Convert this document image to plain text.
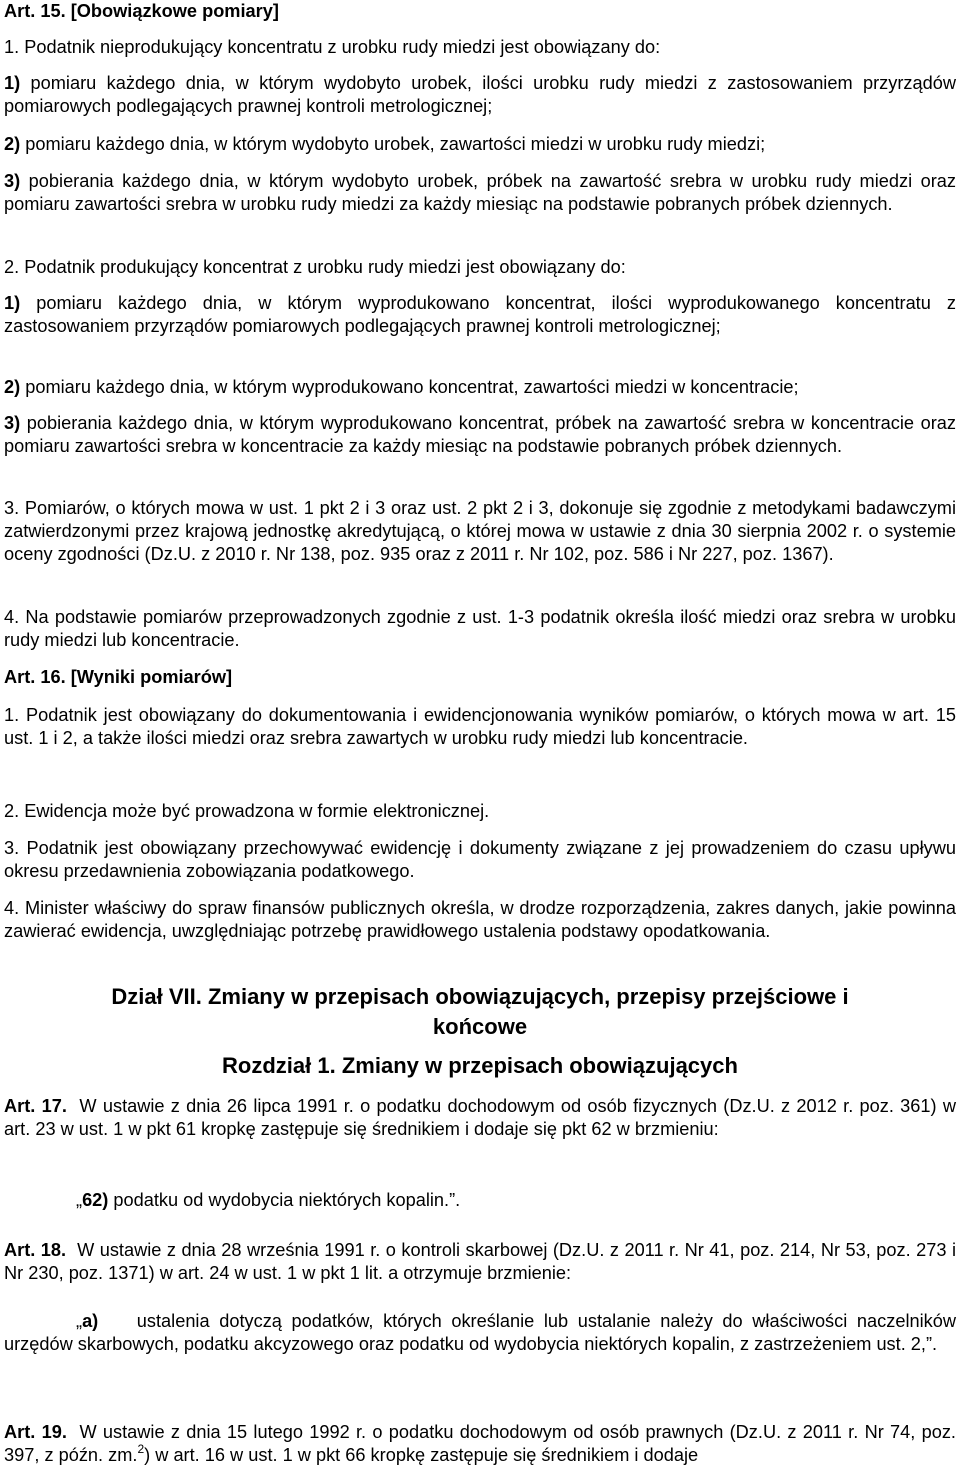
Art. 15. [Obowiązkowe pomiary]

1. Podatnik nieprodukujący koncentratu z urobku rudy miedzi jest obowiązany do:

1) pomiaru każdego dnia, w którym wydobyto urobek, ilości urobku rudy miedzi z zastosowaniem przyrządów pomiarowych podlegających prawnej kontroli metrologicznej;

2) pomiaru każdego dnia, w którym wydobyto urobek, zawartości miedzi w urobku rudy miedzi;

3) pobierania każdego dnia, w którym wydobyto urobek, próbek na zawartość srebra w urobku rudy miedzi oraz pomiaru zawartości srebra w urobku rudy miedzi za każdy miesiąc na podstawie pobranych próbek dziennych.

2. Podatnik produkujący koncentrat z urobku rudy miedzi jest obowiązany do:

1) pomiaru każdego dnia, w którym wyprodukowano koncentrat, ilości wyprodukowanego koncentratu z zastosowaniem przyrządów pomiarowych podlegających prawnej kontroli metrologicznej;

2) pomiaru każdego dnia, w którym wyprodukowano koncentrat, zawartości miedzi w koncentracie;

3) pobierania każdego dnia, w którym wyprodukowano koncentrat, próbek na zawartość srebra w koncentracie oraz pomiaru zawartości srebra w koncentracie za każdy miesiąc na podstawie pobranych próbek dziennych.

3. Pomiarów, o których mowa w ust. 1 pkt 2 i 3 oraz ust. 2 pkt 2 i 3, dokonuje się zgodnie z metodykami badawczymi zatwierdzonymi przez krajową jednostkę akredytującą, o której mowa w ustawie z dnia 30 sierpnia 2002 r. o systemie oceny zgodności (Dz.U. z 2010 r. Nr 138, poz. 935 oraz z 2011 r. Nr 102, poz. 586 i Nr 227, poz. 1367).

4. Na podstawie pomiarów przeprowadzonych zgodnie z ust. 1-3 podatnik określa ilość miedzi oraz srebra w urobku rudy miedzi lub koncentracie.

Art. 16. [Wyniki pomiarów]

1. Podatnik jest obowiązany do dokumentowania i ewidencjonowania wyników pomiarów, o których mowa w art. 15 ust. 1 i 2, a także ilości miedzi oraz srebra zawartych w urobku rudy miedzi lub koncentracie.

2. Ewidencja może być prowadzona w formie elektronicznej.

3. Podatnik jest obowiązany przechowywać ewidencję i dokumenty związane z jej prowadzeniem do czasu upływu okresu przedawnienia zobowiązania podatkowego.

4. Minister właściwy do spraw finansów publicznych określa, w drodze rozporządzenia, zakres danych, jakie powinna zawierać ewidencja, uwzględniając potrzebę prawidłowego ustalenia podstawy opodatkowania.

Dział VII. Zmiany w przepisach obowiązujących, przepisy przejściowe i
końcowe
Rozdział 1. Zmiany w przepisach obowiązujących

Art. 17. W ustawie z dnia 26 lipca 1991 r. o podatku dochodowym od osób fizycznych (Dz.U. z 2012 r. poz. 361) w art. 23 w ust. 1 w pkt 61 kropkę zastępuje się średnikiem i dodaje się pkt 62 w brzmieniu:

„62) podatku od wydobycia niektórych kopalin.”.

Art. 18. W ustawie z dnia 28 września 1991 r. o kontroli skarbowej (Dz.U. z 2011 r. Nr 41, poz. 214, Nr 53, poz. 273 i Nr 230, poz. 1371) w art. 24 w ust. 1 w pkt 1 lit. a otrzymuje brzmienie:

„a) ustalenia dotyczą podatków, których określanie lub ustalanie należy do właściwości naczelników urzędów skarbowych, podatku akcyzowego oraz podatku od wydobycia niektórych kopalin, z zastrzeżeniem ust. 2,”.

Art. 19. W ustawie z dnia 15 lutego 1992 r. o podatku dochodowym od osób prawnych (Dz.U. z 2011 r. Nr 74, poz. 397, z późn. zm.$^2$) w art. 16 w ust. 1 w pkt 66 kropkę zastępuje się średnikiem i dodaje
